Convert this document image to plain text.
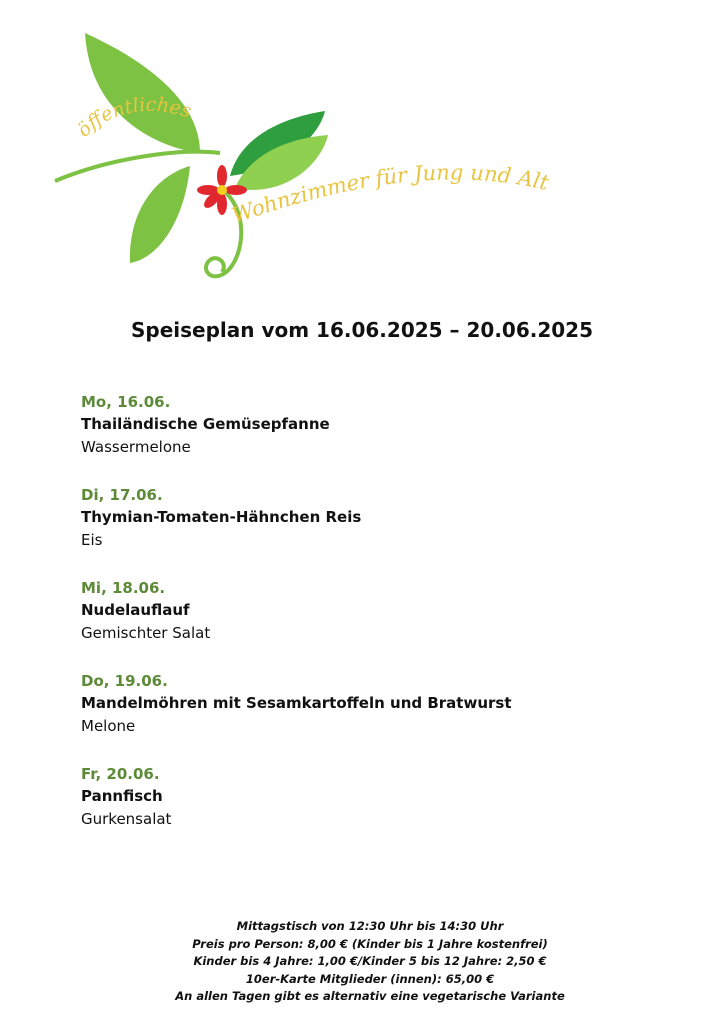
öffentliches
Wohnzimmer für Jung und Alt
Speiseplan vom 16.06.2025 – 20.06.2025
Mo, 16.06.
Thailändische Gemüsepfanne
Wassermelone
Di, 17.06.
Thymian-Tomaten-Hähnchen Reis
Eis
Mi, 18.06.
Nudelauflauf
Gemischter Salat
Do, 19.06.
Mandelmöhren mit Sesamkartoffeln und Bratwurst
Melone
Fr, 20.06.
Pannfisch
Gurkensalat
Mittagstisch von 12:30 Uhr bis 14:30 Uhr
Preis pro Person: 8,00 € (Kinder bis 1 Jahre kostenfrei)
Kinder bis 4 Jahre: 1,00 €/Kinder 5 bis 12 Jahre: 2,50 €
10er-Karte Mitglieder (innen): 65,00 €
An allen Tagen gibt es alternativ eine vegetarische Variante
